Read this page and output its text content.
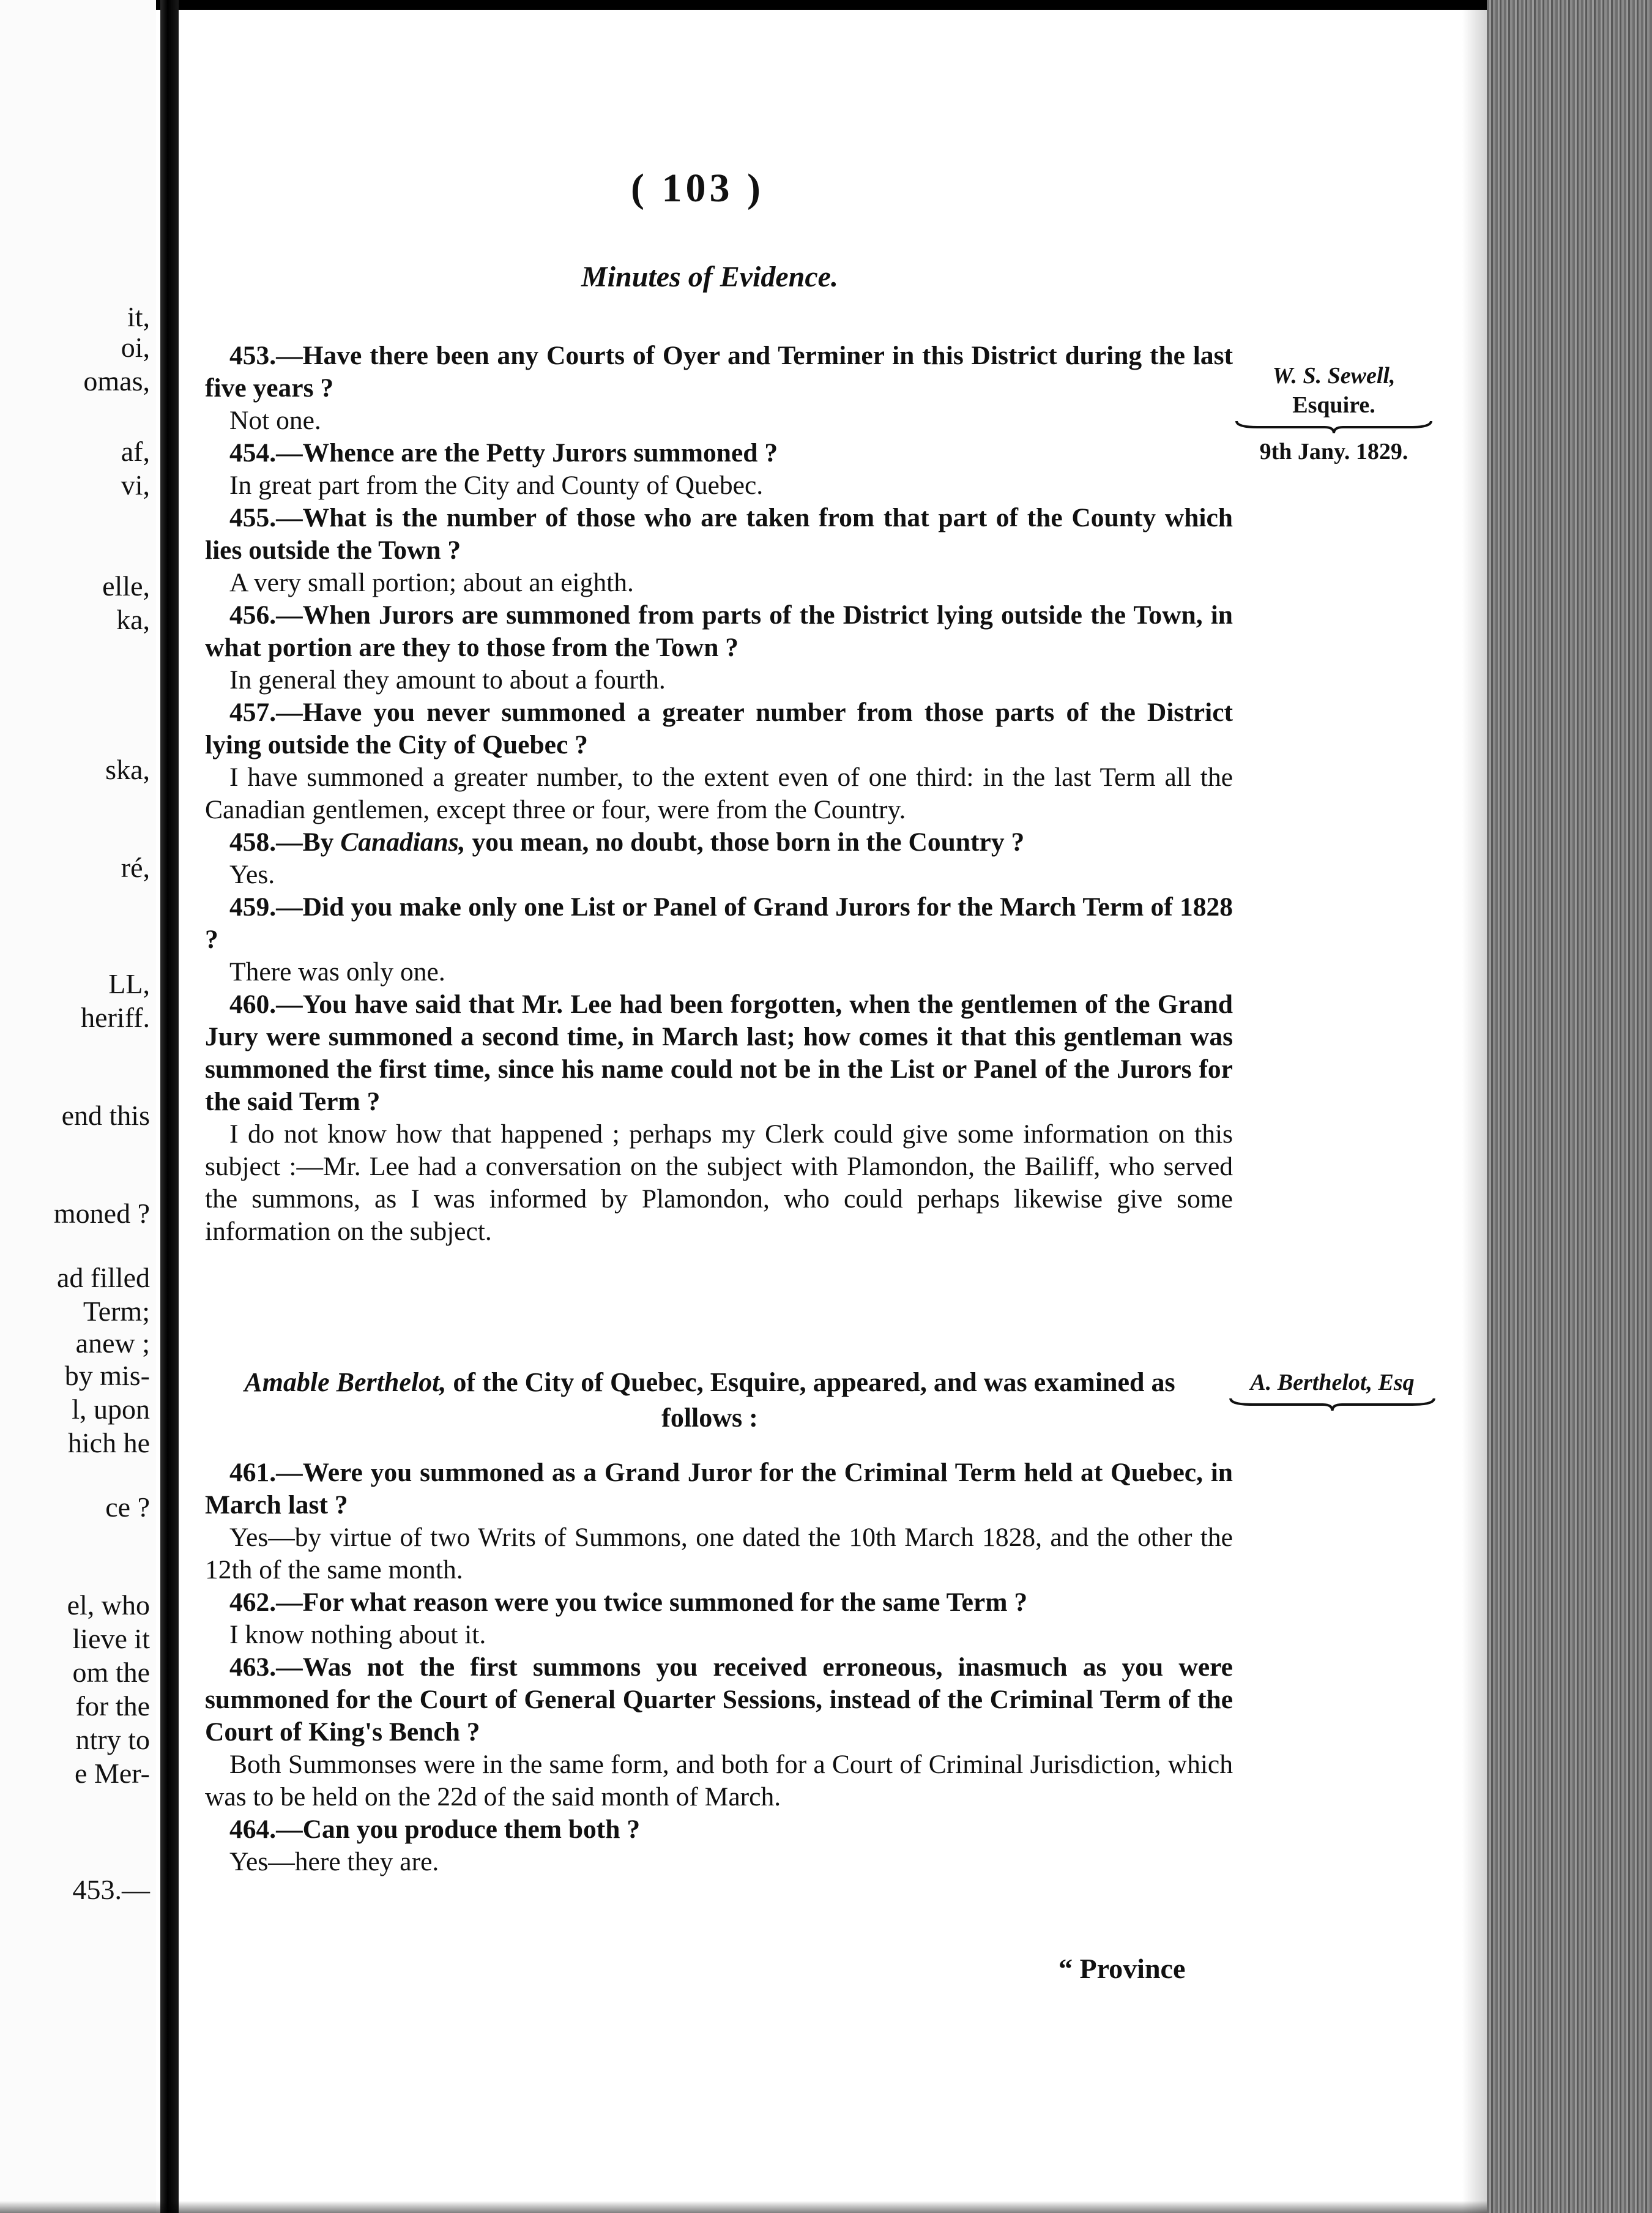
it,
oi,
omas,
af,
vi,
elle,
ka,
ska,
ré,
LL,
heriff.
end this
moned ?
ad filled
Term;
anew ;
by mis-
l, upon
hich he
ce ?
el, who
lieve it
om the
for the
ntry to
e Mer-
453.—
( 103 )
Minutes of Evidence.
W. S. Sewell,
Esquire.
9th Jany. 1829.

453.—Have there been any Courts of Oyer and Terminer in this District during the last five years ?

Not one.

454.—Whence are the Petty Jurors summoned ?

In great part from the City and County of Quebec.

455.—What is the number of those who are taken from that part of the County which lies outside the Town ?

A very small portion; about an eighth.

456.—When Jurors are summoned from parts of the District lying outside the Town, in what portion are they to those from the Town ?

In general they amount to about a fourth.

457.—Have you never summoned a greater number from those parts of the District lying outside the City of Quebec ?

I have summoned a greater number, to the extent even of one third: in the last Term all the Canadian gentlemen, except three or four, were from the Country.

458.—By Canadians, you mean, no doubt, those born in the Country ?

Yes.

459.—Did you make only one List or Panel of Grand Jurors for the March Term of 1828 ?

There was only one.

460.—You have said that Mr. Lee had been forgotten, when the gentlemen of the Grand Jury were summoned a second time, in March last; how comes it that this gentleman was summoned the first time, since his name could not be in the List or Panel of the Jurors for the said Term ?

I do not know how that happened ; perhaps my Clerk could give some information on this subject :—Mr. Lee had a conversation on the subject with Plamondon, the Bailiff, who served the summons, as I was informed by Plamondon, who could perhaps likewise give some information on the subject.

Amable Berthelot, of the City of Quebec, Esquire, appeared, and was examined as follows :
A. Berthelot, Esq

461.—Were you summoned as a Grand Juror for the Criminal Term held at Quebec, in March last ?

Yes—by virtue of two Writs of Summons, one dated the 10th March 1828, and the other the 12th of the same month.

462.—For what reason were you twice summoned for the same Term ?

I know nothing about it.

463.—Was not the first summons you received erroneous, inasmuch as you were summoned for the Court of General Quarter Sessions, instead of the Criminal Term of the Court of King's Bench ?

Both Summonses were in the same form, and both for a Court of Criminal Jurisdiction, which was to be held on the 22d of the said month of March.

464.—Can you produce them both ?

Yes—here they are.

“ Province
